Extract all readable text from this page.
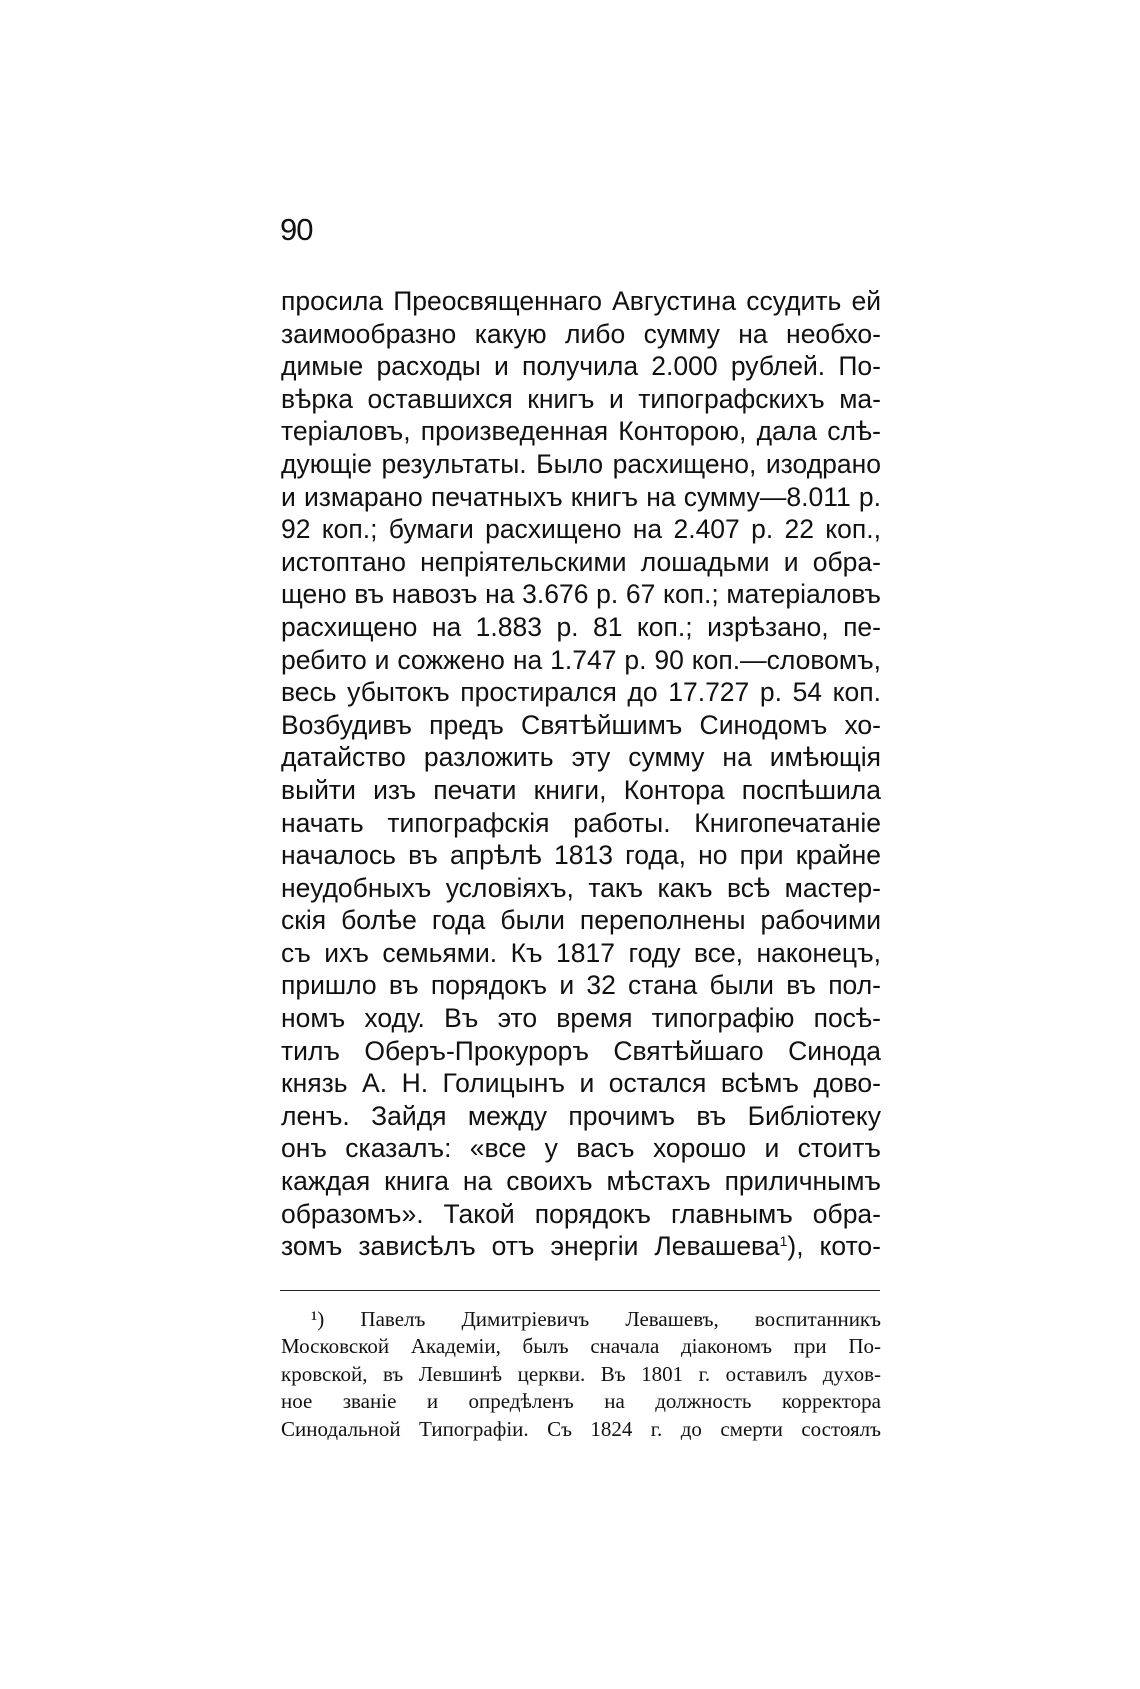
90
просила Преосвященнаго Августина ссудить ей
заимообразно какую либо сумму на необхо-
димые расходы и получила 2.000 рублей. По-
вѣрка оставшихся книгъ и типографскихъ ма-
теріаловъ, произведенная Конторою, дала слѣ-
дующіе результаты. Было расхищено, изодрано
и измарано печатныхъ книгъ на сумму—8.011 р.
92 коп.; бумаги расхищено на 2.407 р. 22 коп.,
истоптано непріятельскими лошадьми и обра-
щено въ навозъ на 3.676 р. 67 коп.; матеріаловъ
расхищено на 1.883 р. 81 коп.; изрѣзано, пе-
ребито и сожжено на 1.747 р. 90 коп.—словомъ,
весь убытокъ простирался до 17.727 р. 54 коп.
Возбудивъ предъ Святѣйшимъ Синодомъ хо-
датайство разложить эту сумму на имѣющія
выйти изъ печати книги, Контора поспѣшила
начать типографскія работы. Книгопечатаніе
началось въ апрѣлѣ 1813 года, но при крайне
неудобныхъ условіяхъ, такъ какъ всѣ мастер-
скія болѣе года были переполнены рабочими
съ ихъ семьями. Къ 1817 году все, наконецъ,
пришло въ порядокъ и 32 стана были въ пол-
номъ ходу. Въ это время типографію посѣ-
тилъ Оберъ-Прокуроръ Святѣйшаго Синода
князь А. Н. Голицынъ и остался всѣмъ дово-
ленъ. Зайдя между прочимъ въ Библіотеку
онъ сказалъ: «все у васъ хорошо и стоитъ
каждая книга на своихъ мѣстахъ приличнымъ
образомъ». Такой порядокъ главнымъ обра-
зомъ зависѣлъ отъ энергіи Левашева$^1$), кото-
¹) Павелъ Димитріевичъ Левашевъ, воспитанникъ
Московской Академіи, былъ сначала діакономъ при По-
кровской, въ Левшинѣ церкви. Въ 1801 г. оставилъ духов-
ное званіе и опредѣленъ на должность корректора
Синодальной Типографіи. Съ 1824 г. до смерти состоялъ
